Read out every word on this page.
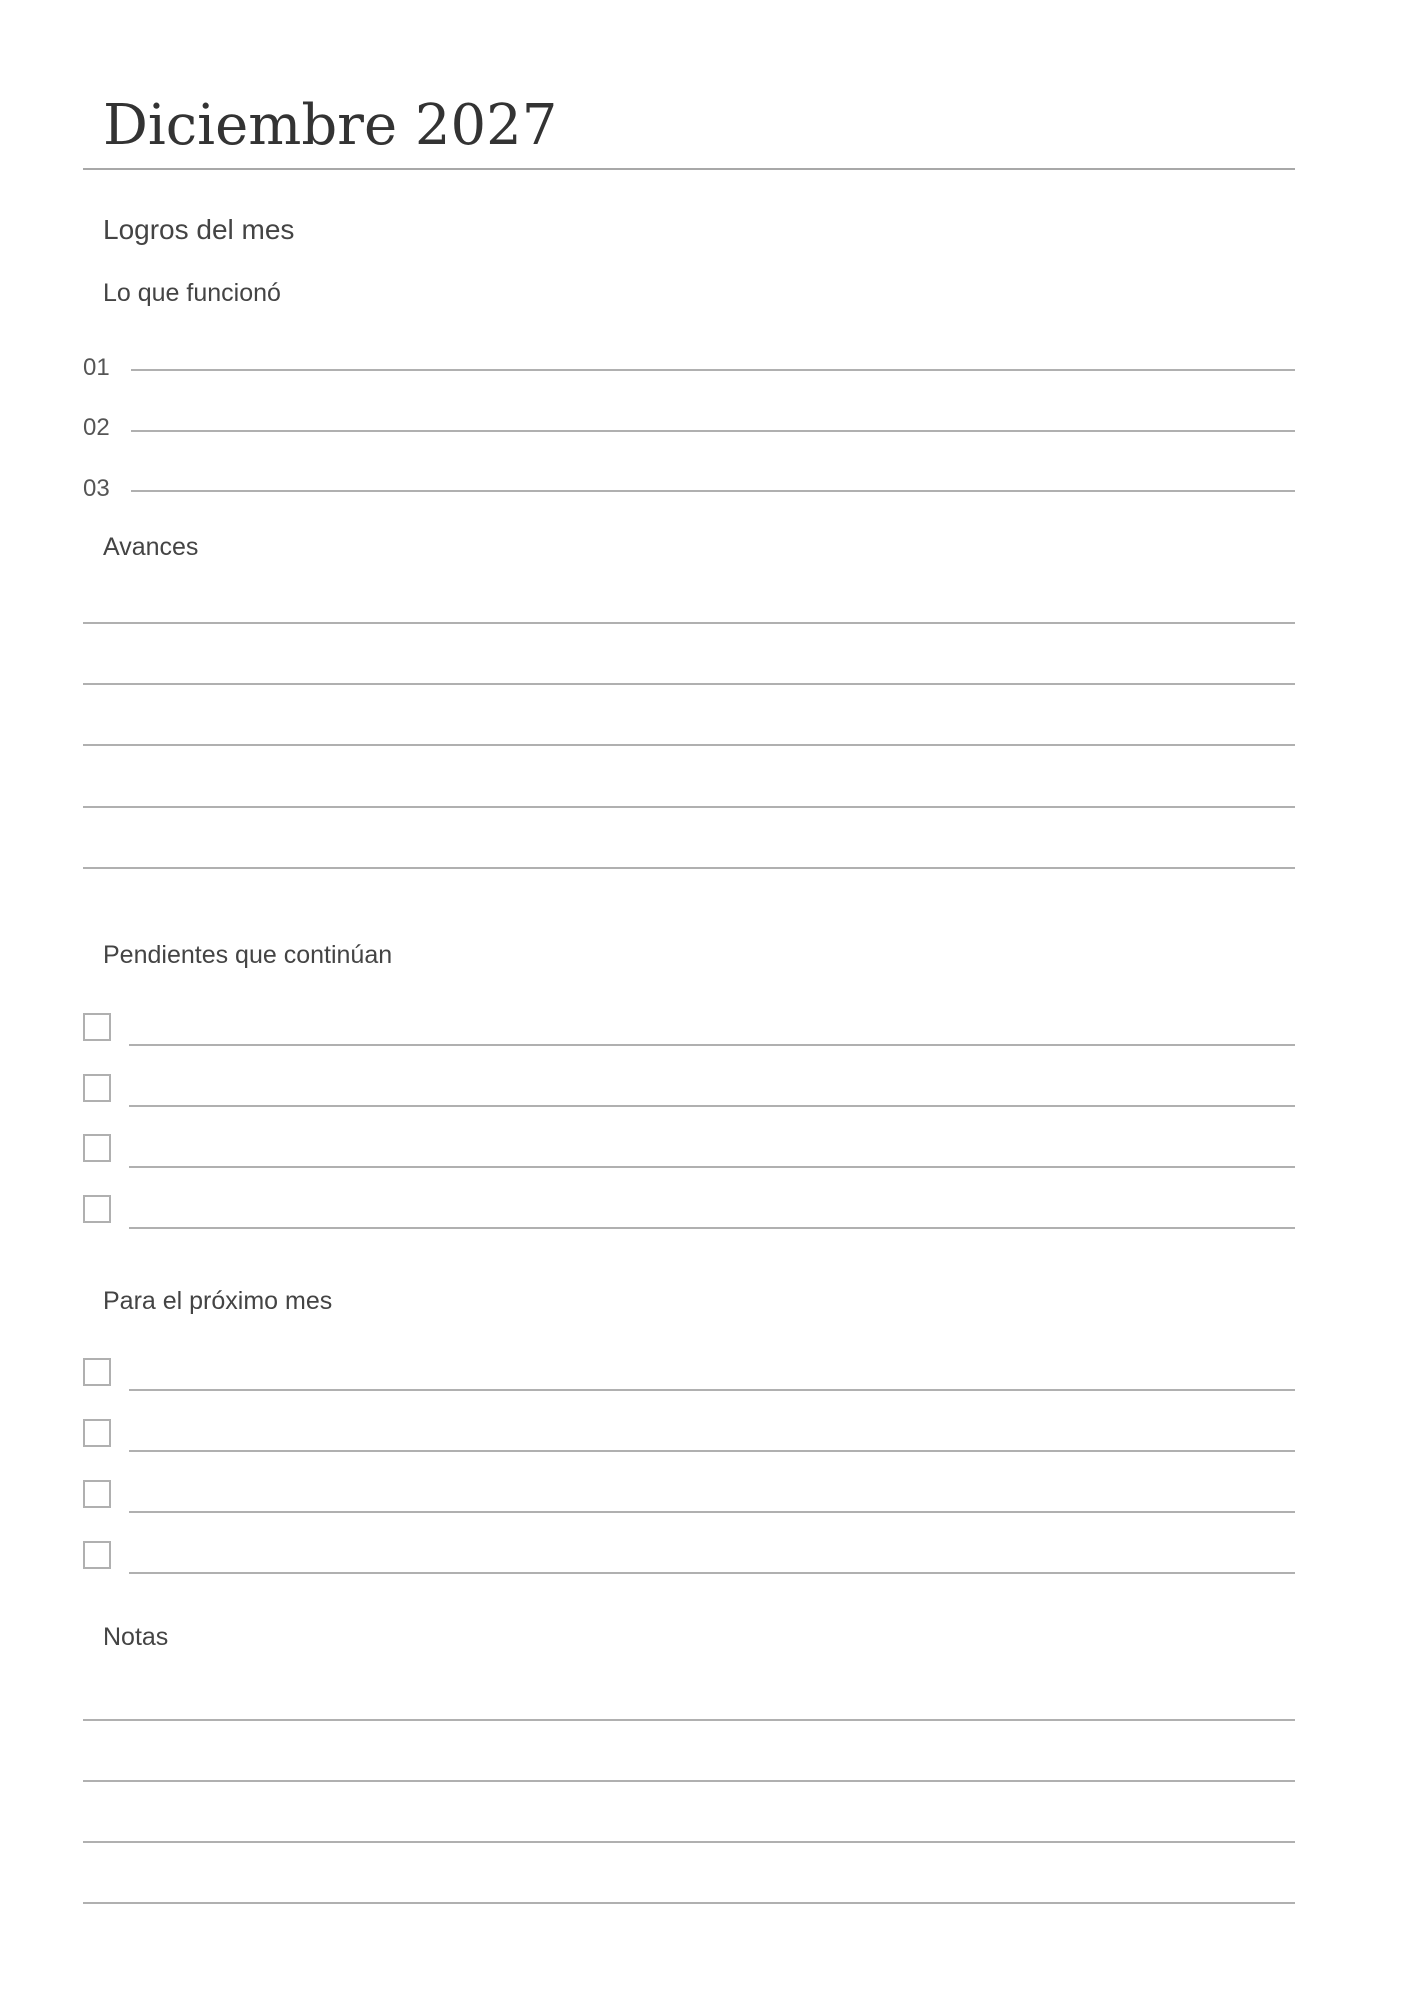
Diciembre 2027
Logros del mes
Lo que funcionó
01
02
03
Avances
Pendientes que continúan
Para el próximo mes
Notas
